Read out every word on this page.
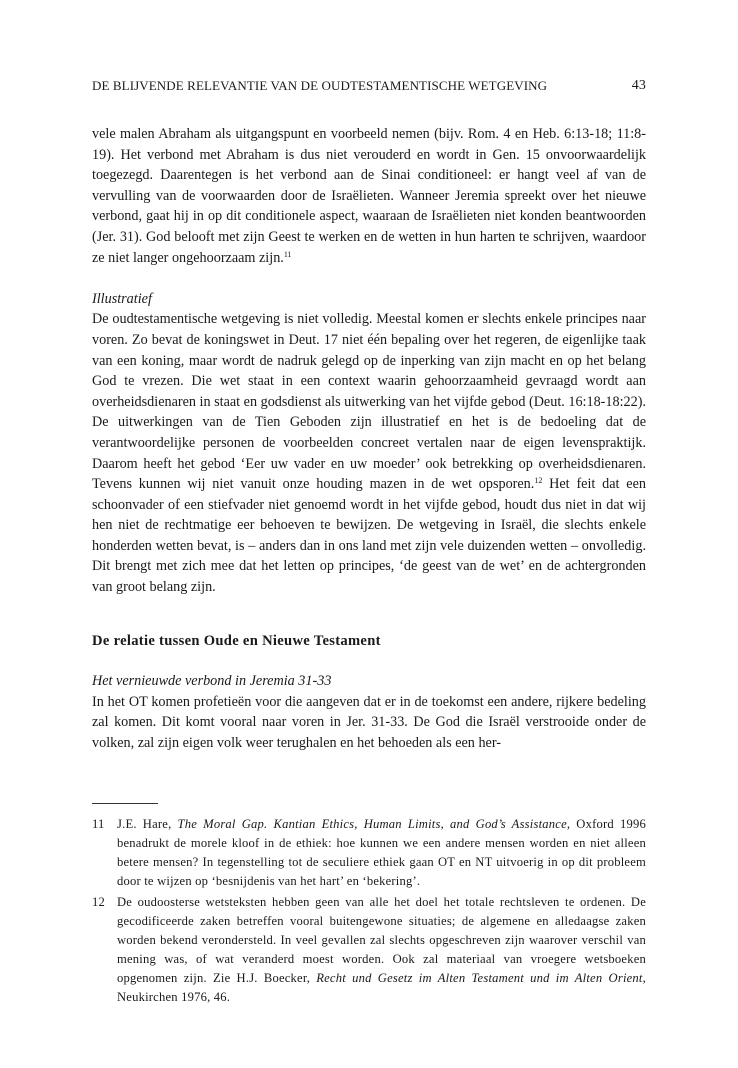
DE BLIJVENDE RELEVANTIE VAN DE OUDTESTAMENTISCHE WETGEVING	43

vele malen Abraham als uitgangspunt en voorbeeld nemen (bijv. Rom. 4 en Heb. 6:13-18; 11:8-19). Het verbond met Abraham is dus niet verouderd en wordt in Gen. 15 onvoorwaardelijk toegezegd. Daarentegen is het verbond aan de Sinai conditioneel: er hangt veel af van de vervulling van de voorwaarden door de Israëlieten. Wanneer Jeremia spreekt over het nieuwe verbond, gaat hij in op dit conditionele aspect, waaraan de Israëlieten niet konden beantwoorden (Jer. 31). God belooft met zijn Geest te werken en de wetten in hun harten te schrijven, waardoor ze niet langer ongehoorzaam zijn.$^{11}$

Illustratief

De oudtestamentische wetgeving is niet volledig. Meestal komen er slechts enkele principes naar voren. Zo bevat de koningswet in Deut. 17 niet één bepaling over het regeren, de eigenlijke taak van een koning, maar wordt de nadruk gelegd op de inperking van zijn macht en op het belang God te vrezen. Die wet staat in een context waarin gehoorzaamheid gevraagd wordt aan overheidsdienaren in staat en godsdienst als uitwerking van het vijfde gebod (Deut. 16:18-18:22). De uitwerkingen van de Tien Geboden zijn illustratief en het is de bedoeling dat de verantwoordelijke personen de voorbeelden concreet vertalen naar de eigen levenspraktijk. Daarom heeft het gebod ‘Eer uw vader en uw moeder’ ook betrekking op overheidsdienaren. Tevens kunnen wij niet vanuit onze houding mazen in de wet opsporen.$^{12}$ Het feit dat een schoonvader of een stiefvader niet genoemd wordt in het vijfde gebod, houdt dus niet in dat wij hen niet de rechtmatige eer behoeven te bewijzen. De wetgeving in Israël, die slechts enkele honderden wetten bevat, is – anders dan in ons land met zijn vele duizenden wetten – onvolledig. Dit brengt met zich mee dat het letten op principes, ‘de geest van de wet’ en de achtergronden van groot belang zijn.

De relatie tussen Oude en Nieuwe Testament

Het vernieuwde verbond in Jeremia 31-33

In het OT komen profetieën voor die aangeven dat er in de toekomst een andere, rijkere bedeling zal komen. Dit komt vooral naar voren in Jer. 31-33. De God die Israël verstrooide onder de volken, zal zijn eigen volk weer terughalen en het behoeden als een her-

11 J.E. Hare, The Moral Gap. Kantian Ethics, Human Limits, and God’s Assistance, Oxford 1996 benadrukt de morele kloof in de ethiek: hoe kunnen we een andere mensen worden en niet alleen betere mensen? In tegenstelling tot de seculiere ethiek gaan OT en NT uitvoerig in op dit probleem door te wijzen op ‘besnijdenis van het hart’ en ‘bekering’.

12 De oudoosterse wetsteksten hebben geen van alle het doel het totale rechtsleven te ordenen. De gecodificeerde zaken betreffen vooral buitengewone situaties; de algemene en alledaagse zaken worden bekend verondersteld. In veel gevallen zal slechts opgeschreven zijn waarover verschil van mening was, of wat veranderd moest worden. Ook zal materiaal van vroegere wetsboeken opgenomen zijn. Zie H.J. Boecker, Recht und Gesetz im Alten Testament und im Alten Orient, Neukirchen 1976, 46.
